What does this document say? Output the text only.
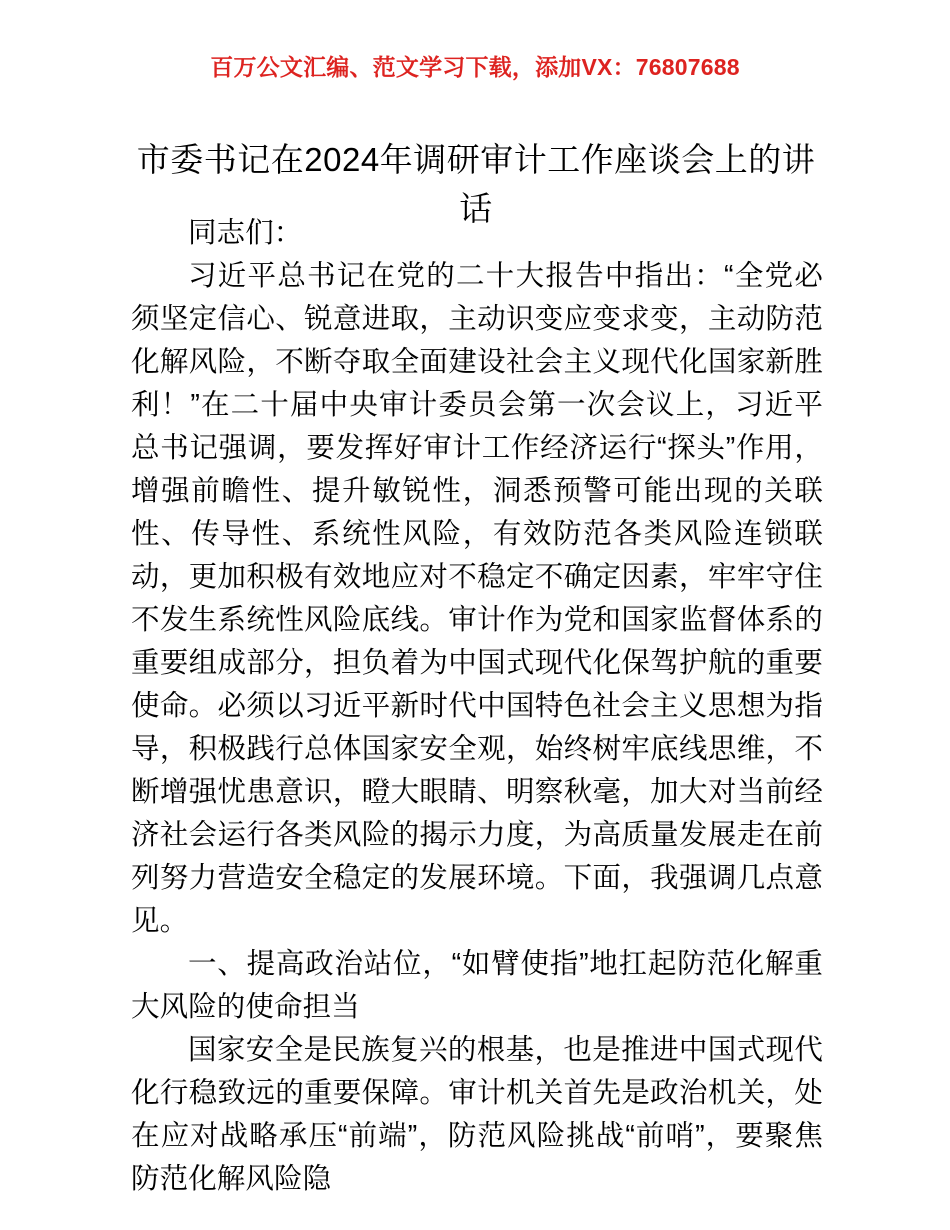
百万公文汇编、范文学习下载，添加VX：76807688
市委书记在2024年调研审计工作座谈会上的讲话

同志们：

习近平总书记在党的二十大报告中指出：“全党必须坚定信心、锐意进取，主动识变应变求变，主动防范化解风险，不断夺取全面建设社会主义现代化国家新胜利！”在二十届中央审计委员会第一次会议上，习近平总书记强调，要发挥好审计工作经济运行“探头”作用，增强前瞻性、提升敏锐性，洞悉预警可能出现的关联性、传导性、系统性风险，有效防范各类风险连锁联动，更加积极有效地应对不稳定不确定因素，牢牢守住不发生系统性风险底线。审计作为党和国家监督体系的重要组成部分，担负着为中国式现代化保驾护航的重要使命。必须以习近平新时代中国特色社会主义思想为指导，积极践行总体国家安全观，始终树牢底线思维，不断增强忧患意识，瞪大眼睛、明察秋毫，加大对当前经济社会运行各类风险的揭示力度，为高质量发展走在前列努力营造安全稳定的发展环境。下面，我强调几点意见。

一、提高政治站位，“如臂使指”地扛起防范化解重大风险的使命担当

国家安全是民族复兴的根基，也是推进中国式现代化行稳致远的重要保障。审计机关首先是政治机关，处在应对战略承压“前端”，防范风险挑战“前哨”，要聚焦防范化解风险隐
